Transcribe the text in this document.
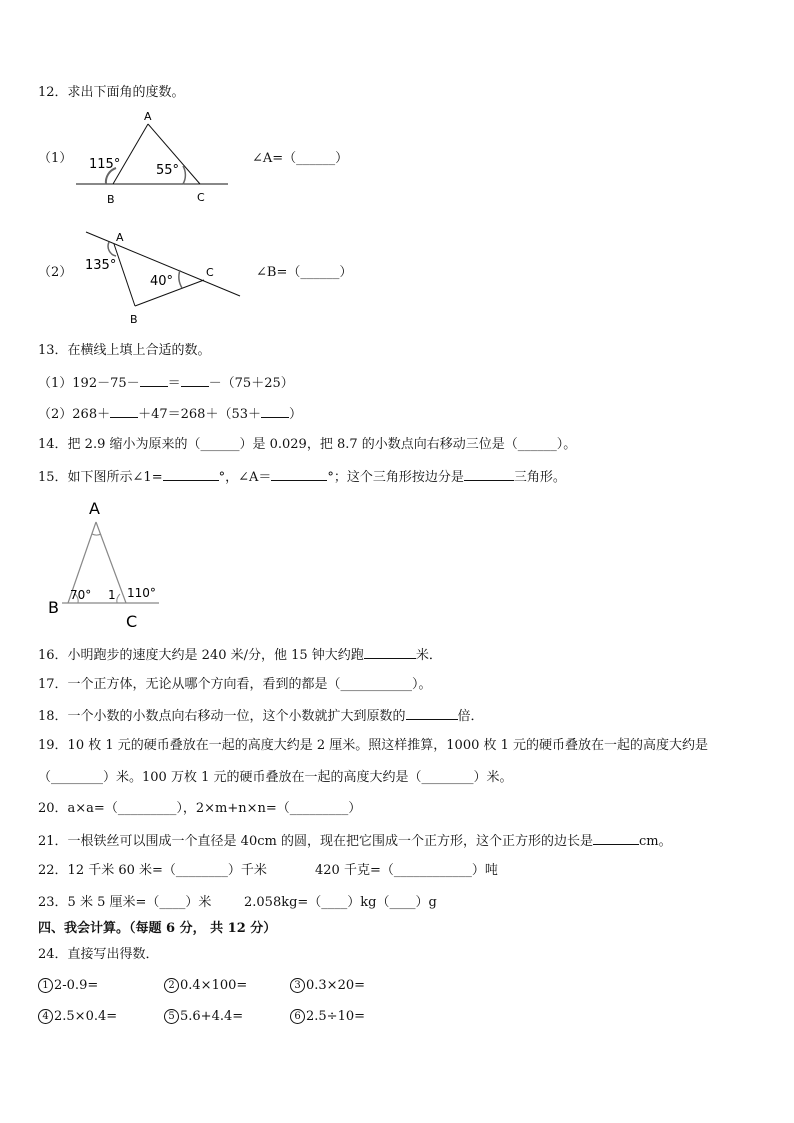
12．求出下面角的度数。
（1）
A
B	C
115°	55°
∠A=（______）
（2）
A
B
C
135°
40°
∠B=（______）
13．在横线上填上合适的数。
（1）192－75－ ＝ －（75＋25）
（2）268＋ ＋47＝268＋（53＋ ）
14．把 2.9 缩小为原来的（______）是 0.029，把 8.7 的小数点向右移动三位是（______）。
15．如下图所示∠1=	°，∠A＝	°；这个三角形按边分是	三角形。
A
B
C
70° 1 110°
16．小明跑步的速度大约是 240 米/分，他 15 钟大约跑	米．
17．一个正方体，无论从哪个方向看，看到的都是（___________）。
18．一个小数的小数点向右移动一位，这个小数就扩大到原数的	倍．
19．10 枚 1 元的硬币叠放在一起的高度大约是 2 厘米。照这样推算，1000 枚 1 元的硬币叠放在一起的高度大约是
（________）米。100 万枚 1 元的硬币叠放在一起的高度大约是（________）米。
20．a×a=（_________），2×m+n×n=（_________）
21．一根铁丝可以围成一个直径是 40cm 的圆，现在把它围成一个正方形，这个正方形的边长是	cm。
22．12 千米 60 米=（________）千米	420 千克=（____________）吨
23．5 米 5 厘米=（____）米	2.058kg=（____）kg（____）g
四、我会计算。（每题 6 分， 共 12 分）
24．直接写出得数．
1 2-0.9=	2 0.4×100=	3 0.3×20=
4 2.5×0.4=	5 5.6+4.4=	6 2.5÷10=
